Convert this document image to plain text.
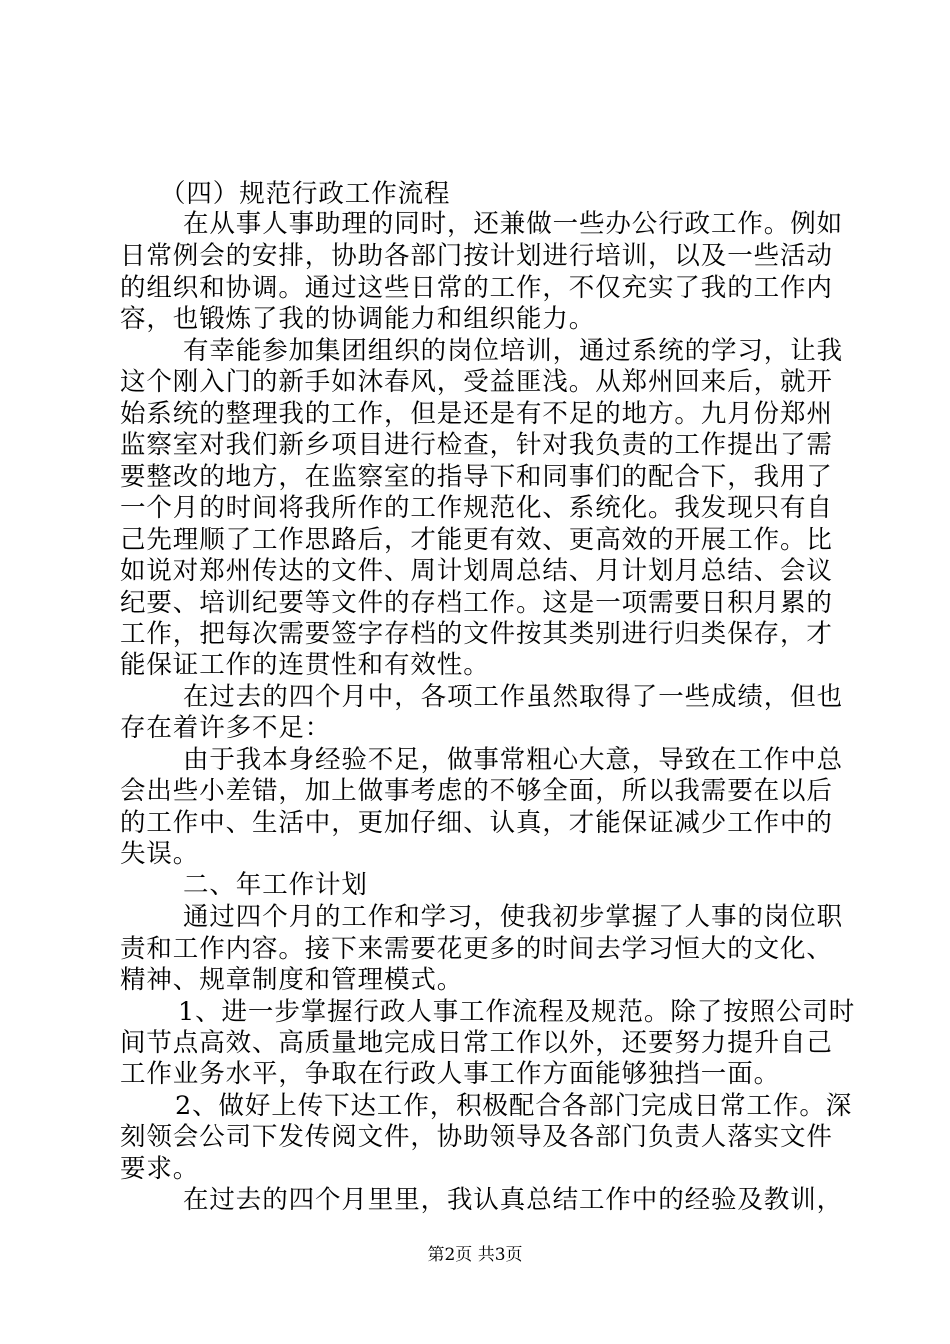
（四）规范行政工作流程
在从事人事助理的同时，还兼做一些办公行政工作。例如
日常例会的安排，协助各部门按计划进行培训，以及一些活动
的组织和协调。通过这些日常的工作，不仅充实了我的工作内
容，也锻炼了我的协调能力和组织能力。
有幸能参加集团组织的岗位培训，通过系统的学习，让我
这个刚入门的新手如沐春风，受益匪浅。从郑州回来后，就开
始系统的整理我的工作，但是还是有不足的地方。九月份郑州
监察室对我们新乡项目进行检查，针对我负责的工作提出了需
要整改的地方，在监察室的指导下和同事们的配合下，我用了
一个月的时间将我所作的工作规范化、系统化。我发现只有自
己先理顺了工作思路后，才能更有效、更高效的开展工作。比
如说对郑州传达的文件、周计划周总结、月计划月总结、会议
纪要、培训纪要等文件的存档工作。这是一项需要日积月累的
工作，把每次需要签字存档的文件按其类别进行归类保存，才
能保证工作的连贯性和有效性。
在过去的四个月中，各项工作虽然取得了一些成绩，但也
存在着许多不足：
由于我本身经验不足，做事常粗心大意，导致在工作中总
会出些小差错，加上做事考虑的不够全面，所以我需要在以后
的工作中、生活中，更加仔细、认真，才能保证减少工作中的
失误。
二、年工作计划
通过四个月的工作和学习，使我初步掌握了人事的岗位职
责和工作内容。接下来需要花更多的时间去学习恒大的文化、
精神、规章制度和管理模式。
1、进一步掌握行政人事工作流程及规范。除了按照公司时
间节点高效、高质量地完成日常工作以外，还要努力提升自己
工作业务水平，争取在行政人事工作方面能够独挡一面。
2、做好上传下达工作，积极配合各部门完成日常工作。深
刻领会公司下发传阅文件，协助领导及各部门负责人落实文件
要求。
在过去的四个月里里，我认真总结工作中的经验及教训，
第2页 共3页
